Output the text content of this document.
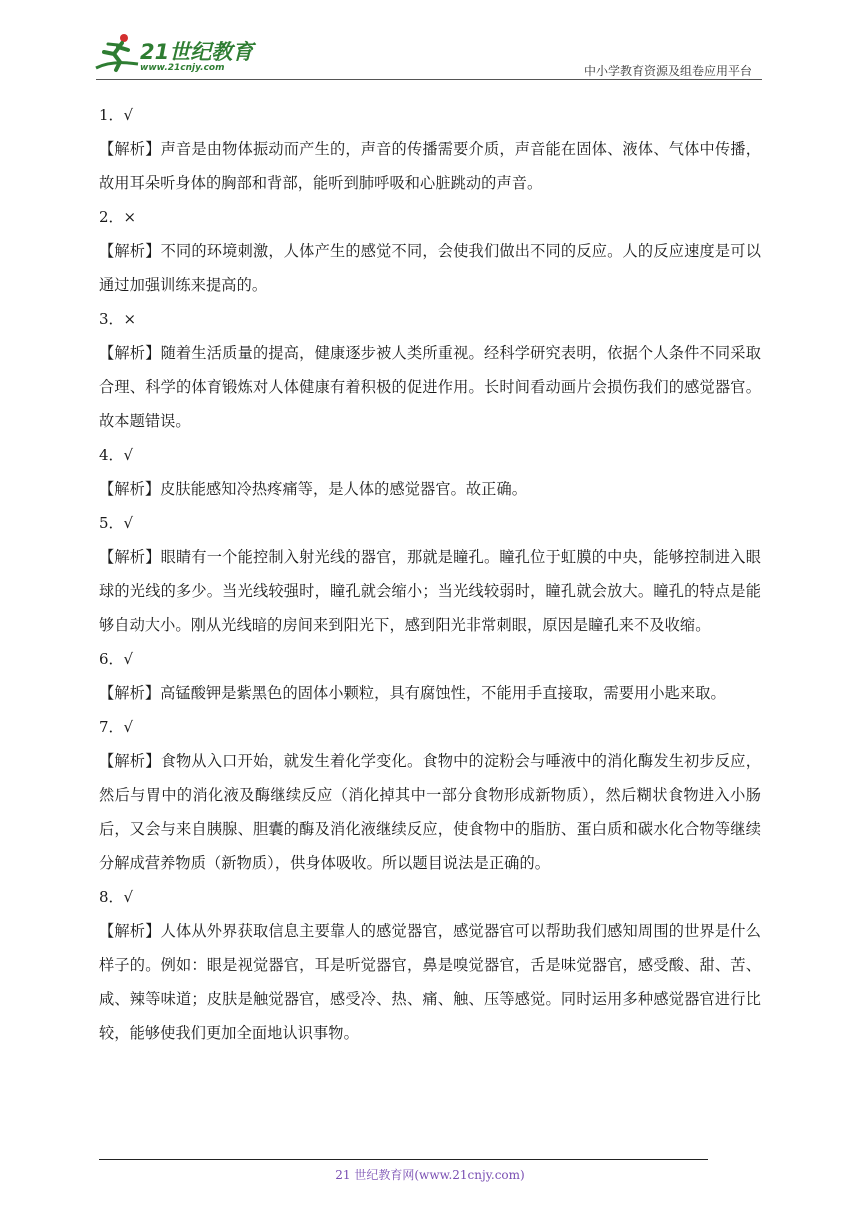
21世纪教育
www.21cnjy.com	中小学教育资源及组卷应用平台
1．√
【解析】声音是由物体振动而产生的，声音的传播需要介质，声音能在固体、液体、气体中传播，故用耳朵听身体的胸部和背部，能听到肺呼吸和心脏跳动的声音。
2．×
【解析】不同的环境刺激，人体产生的感觉不同，会使我们做出不同的反应。人的反应速度是可以通过加强训练来提高的。
3．×
【解析】随着生活质量的提高，健康逐步被人类所重视。经科学研究表明，依据个人条件不同采取合理、科学的体育锻炼对人体健康有着积极的促进作用。长时间看动画片会损伤我们的感觉器官。故本题错误。
4．√
【解析】皮肤能感知冷热疼痛等，是人体的感觉器官。故正确。
5．√
【解析】眼睛有一个能控制入射光线的器官，那就是瞳孔。瞳孔位于虹膜的中央，能够控制进入眼球的光线的多少。当光线较强时，瞳孔就会缩小；当光线较弱时，瞳孔就会放大。瞳孔的特点是能够自动大小。刚从光线暗的房间来到阳光下，感到阳光非常刺眼，原因是瞳孔来不及收缩。
6．√
【解析】高锰酸钾是紫黑色的固体小颗粒，具有腐蚀性，不能用手直接取，需要用小匙来取。
7．√
【解析】食物从入口开始，就发生着化学变化。食物中的淀粉会与唾液中的消化酶发生初步反应，然后与胃中的消化液及酶继续反应（消化掉其中一部分食物形成新物质），然后糊状食物进入小肠后，又会与来自胰腺、胆囊的酶及消化液继续反应，使食物中的脂肪、蛋白质和碳水化合物等继续分解成营养物质（新物质），供身体吸收。所以题目说法是正确的。
8．√
【解析】人体从外界获取信息主要靠人的感觉器官，感觉器官可以帮助我们感知周围的世界是什么样子的。例如：眼是视觉器官，耳是听觉器官，鼻是嗅觉器官，舌是味觉器官，感受酸、甜、苦、咸、辣等味道；皮肤是触觉器官，感受冷、热、痛、触、压等感觉。同时运用多种感觉器官进行比较，能够使我们更加全面地认识事物。
21 世纪教育网(www.21cnjy.com)
